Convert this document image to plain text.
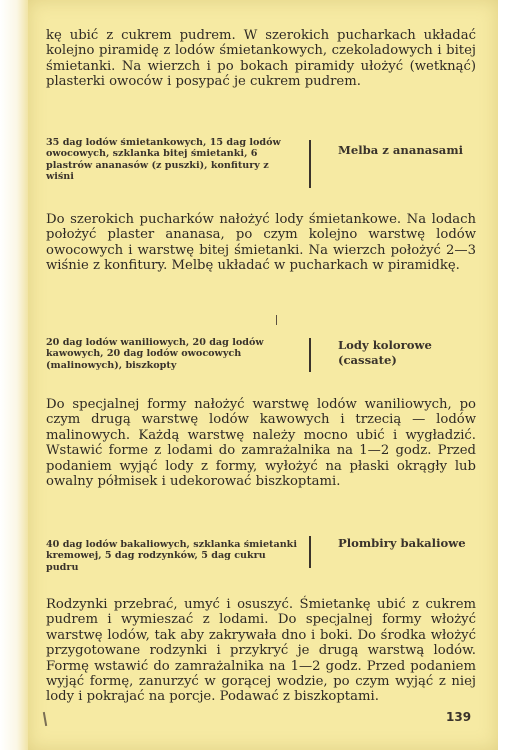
kę ubić z cukrem pudrem. W szerokich pucharkach układać kolejno piramidę z lodów śmietankowych, czekoladowych i bitej śmietanki. Na wierzch i po bokach piramidy ułożyć (wetknąć) plasterki owoców i posypać je cukrem pudrem.

35 dag lodów śmietankowych, 15 dag lodów owocowych, szklanka bitej śmietanki, 6 plastrów ananasów (z puszki), konfitury z wiśni

Melba z ananasami

Do szerokich pucharków nałożyć lody śmietankowe. Na lodach położyć plaster ananasa, po czym kolejno warstwę lodów owocowych i warstwę bitej śmietanki. Na wierzch położyć 2—3 wiśnie z konfitury. Melbę układać w pucharkach w piramidkę.

20 dag lodów waniliowych, 20 dag lodów kawowych, 20 dag lodów owocowych (malinowych), biszkopty

Lody kolorowe (cassate)

Do specjalnej formy nałożyć warstwę lodów waniliowych, po czym drugą warstwę lodów kawowych i trzecią — lodów malinowych. Każdą warstwę należy mocno ubić i wygładzić. Wstawić forme z lodami do zamrażalnika na 1—2 godz. Przed podaniem wyjąć lody z formy, wyłożyć na płaski okrągły lub owalny półmisek i udekorować biszkoptami.

40 dag lodów bakaliowych, szklanka śmietanki kremowej, 5 dag rodzynków, 5 dag cukru pudru

Plombiry bakaliowe

Rodzynki przebrać, umyć i osuszyć. Śmietankę ubić z cukrem pudrem i wymieszać z lodami. Do specjalnej formy włożyć warstwę lodów, tak aby zakrywała dno i boki. Do środka włożyć przygotowane rodzynki i przykryć je drugą warstwą lodów. Formę wstawić do zamrażalnika na 1—2 godz. Przed podaniem wyjąć formę, zanurzyć w gorącej wodzie, po czym wyjąć z niej lody i pokrajać na porcje. Podawać z biszkoptami.

139
